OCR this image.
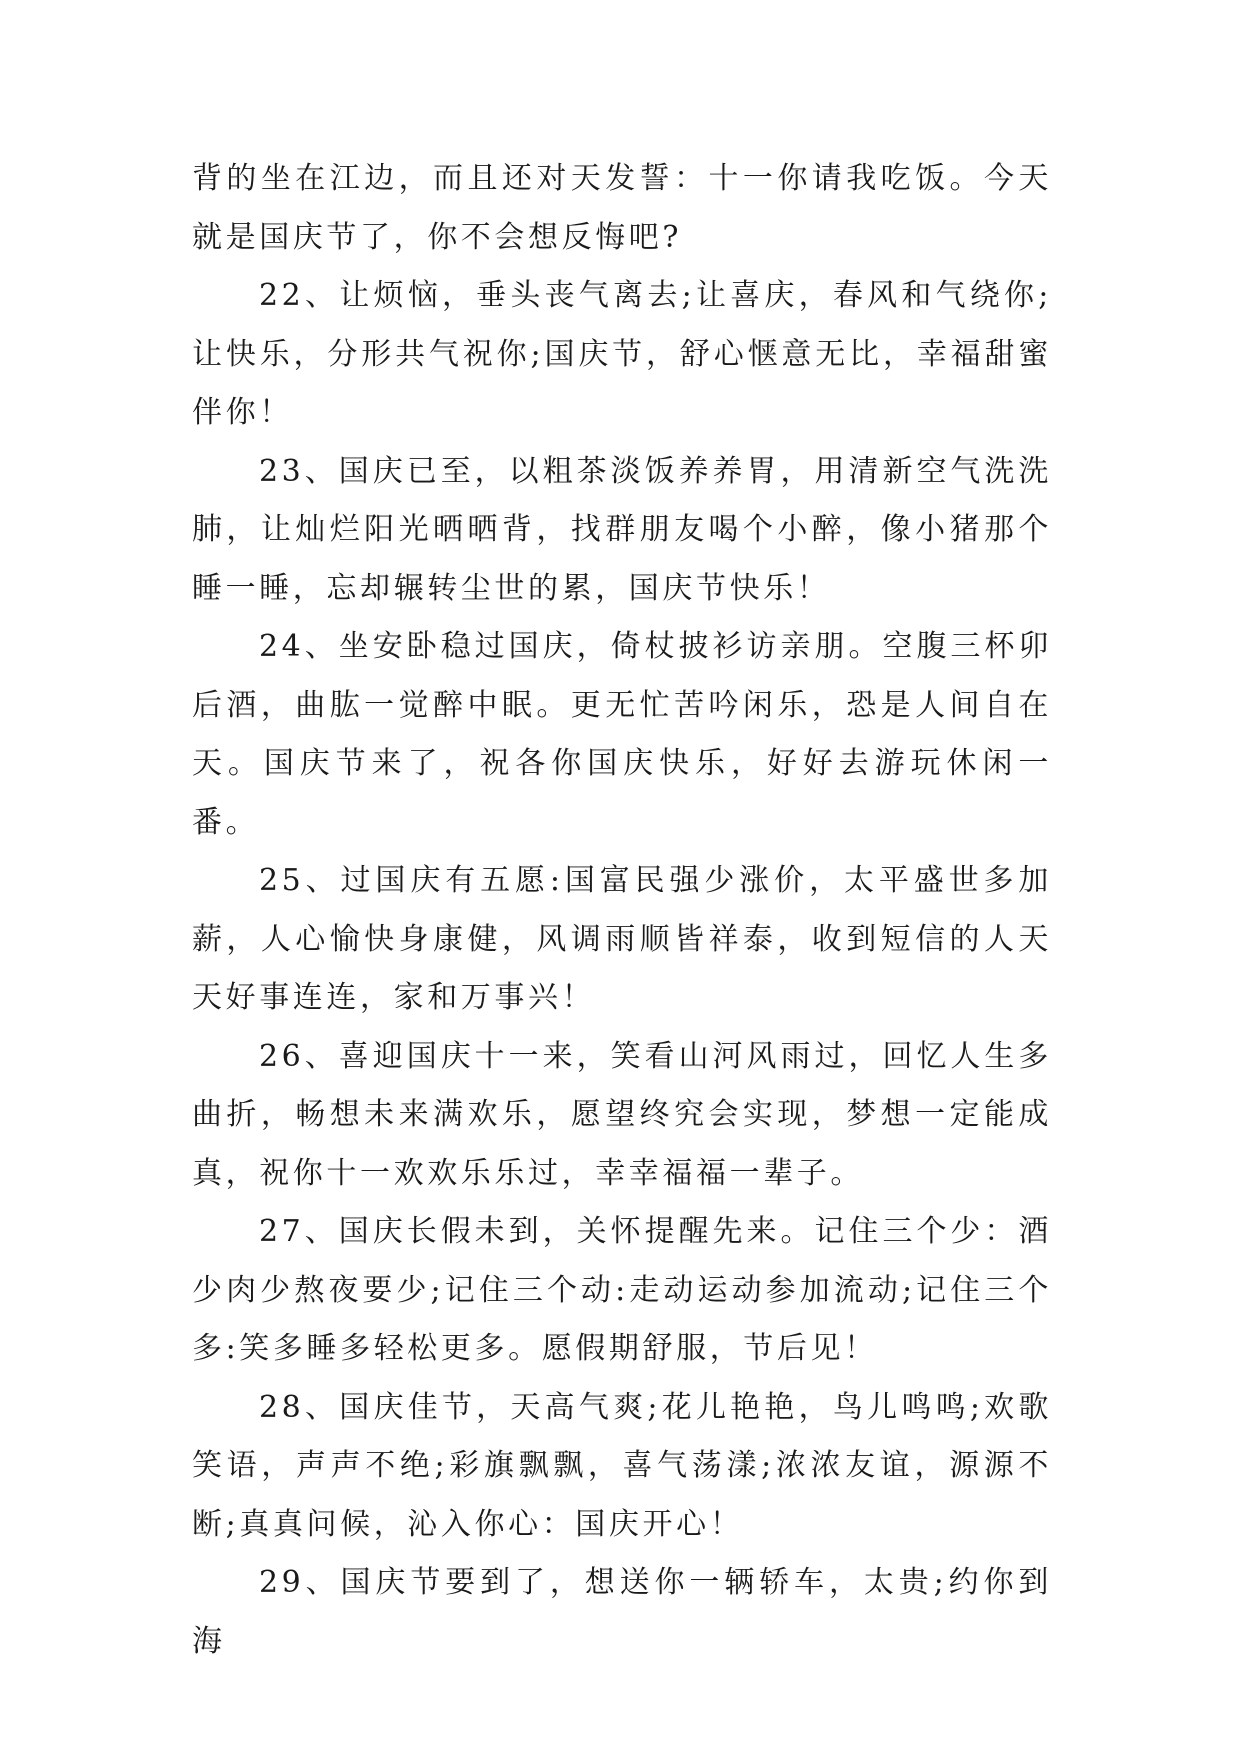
背的坐在江边，而且还对天发誓：十一你请我吃饭。今天就是国庆节了，你不会想反悔吧?

22、让烦恼，垂头丧气离去;让喜庆，春风和气绕你;让快乐，分形共气祝你;国庆节，舒心惬意无比，幸福甜蜜伴你！

23、国庆已至，以粗茶淡饭养养胃，用清新空气洗洗肺，让灿烂阳光晒晒背，找群朋友喝个小醉，像小猪那个睡一睡，忘却辗转尘世的累，国庆节快乐！

24、坐安卧稳过国庆，倚杖披衫访亲朋。空腹三杯卯后酒，曲肱一觉醉中眠。更无忙苦吟闲乐，恐是人间自在天。国庆节来了，祝各你国庆快乐，好好去游玩休闲一番。

25、过国庆有五愿:国富民强少涨价，太平盛世多加薪，人心愉快身康健，风调雨顺皆祥泰，收到短信的人天天好事连连，家和万事兴！

26、喜迎国庆十一来，笑看山河风雨过，回忆人生多曲折，畅想未来满欢乐，愿望终究会实现，梦想一定能成真，祝你十一欢欢乐乐过，幸幸福福一辈子。

27、国庆长假未到，关怀提醒先来。记住三个少：酒少肉少熬夜要少;记住三个动:走动运动参加流动;记住三个多:笑多睡多轻松更多。愿假期舒服，节后见！

28、国庆佳节，天高气爽;花儿艳艳，鸟儿鸣鸣;欢歌笑语，声声不绝;彩旗飘飘，喜气荡漾;浓浓友谊，源源不断;真真问候，沁入你心：国庆开心！

29、国庆节要到了，想送你一辆轿车，太贵;约你到海
